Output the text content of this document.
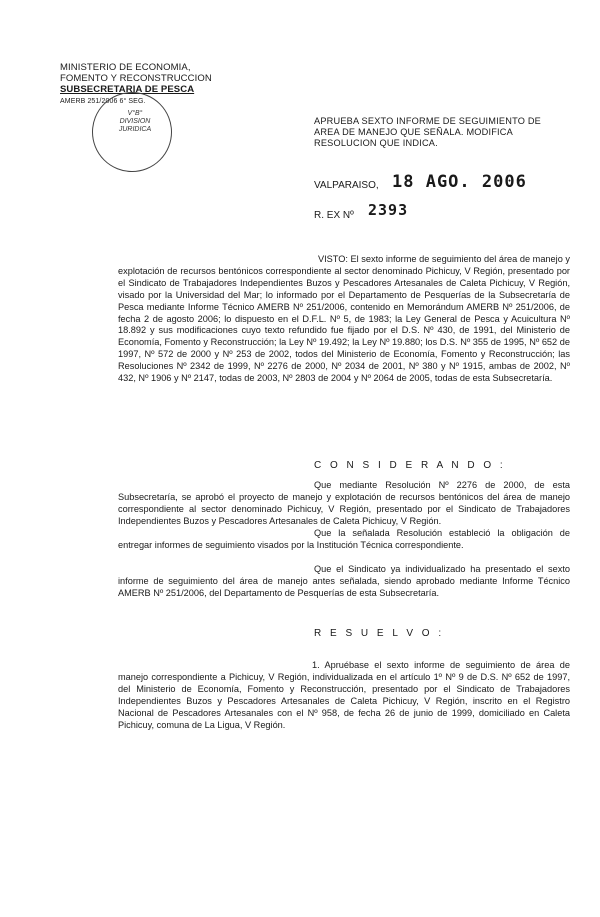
MINISTERIO DE ECONOMIA,
FOMENTO Y RECONSTRUCCION
SUBSECRETARIA DE PESCA
AMERB 251/2006 6° SEG.
V°B°
DIVISION
JURIDICA
APRUEBA SEXTO INFORME DE SEGUIMIENTO DE AREA DE MANEJO QUE SEÑALA. MODIFICA RESOLUCION QUE INDICA.
VALPARAISO, 18 AGO. 2006
R. EX Nº 2393
VISTO: El sexto informe de seguimiento del área de manejo y explotación de recursos bentónicos correspondiente al sector denominado Pichicuy, V Región, presentado por el Sindicato de Trabajadores Independientes Buzos y Pescadores Artesanales de Caleta Pichicuy, V Región, visado por la Universidad del Mar; lo informado por el Departamento de Pesquerías de la Subsecretaría de Pesca mediante Informe Técnico AMERB Nº 251/2006, contenido en Memorándum AMERB Nº 251/2006, de fecha 2 de agosto 2006; lo dispuesto en el D.F.L. Nº 5, de 1983; la Ley General de Pesca y Acuicultura Nº 18.892 y sus modificaciones cuyo texto refundido fue fijado por el D.S. Nº 430, de 1991, del Ministerio de Economía, Fomento y Reconstrucción; la Ley Nº 19.492; la Ley Nº 19.880; los D.S. Nº 355 de 1995, Nº 652 de 1997, Nº 572 de 2000 y Nº 253 de 2002, todos del Ministerio de Economía, Fomento y Reconstrucción; las Resoluciones Nº 2342 de 1999, Nº 2276 de 2000, Nº 2034 de 2001, Nº 380 y Nº 1915, ambas de 2002, Nº 432, Nº 1906 y Nº 2147, todas de 2003, Nº 2803 de 2004 y Nº 2064 de 2005, todas de esta Subsecretaría.
C O N S I D E R A N D O :
Que mediante Resolución Nº 2276 de 2000, de esta Subsecretaría, se aprobó el proyecto de manejo y explotación de recursos bentónicos del área de manejo correspondiente al sector denominado Pichicuy, V Región, presentado por el Sindicato de Trabajadores Independientes Buzos y Pescadores Artesanales de Caleta Pichicuy, V Región.
Que la señalada Resolución estableció la obligación de entregar informes de seguimiento visados por la Institución Técnica correspondiente.
Que el Sindicato ya individualizado ha presentado el sexto informe de seguimiento del área de manejo antes señalada, siendo aprobado mediante Informe Técnico AMERB Nº 251/2006, del Departamento de Pesquerías de esta Subsecretaría.
R E S U E L V O :
1. Apruébase el sexto informe de seguimiento de área de manejo correspondiente a Pichicuy, V Región, individualizada en el artículo 1º Nº 9 de D.S. Nº 652 de 1997, del Ministerio de Economía, Fomento y Reconstrucción, presentado por el Sindicato de Trabajadores Independientes Buzos y Pescadores Artesanales de Caleta Pichicuy, V Región, inscrito en el Registro Nacional de Pescadores Artesanales con el Nº 958, de fecha 26 de junio de 1999, domiciliado en Caleta Pichicuy, comuna de La Ligua, V Región.
